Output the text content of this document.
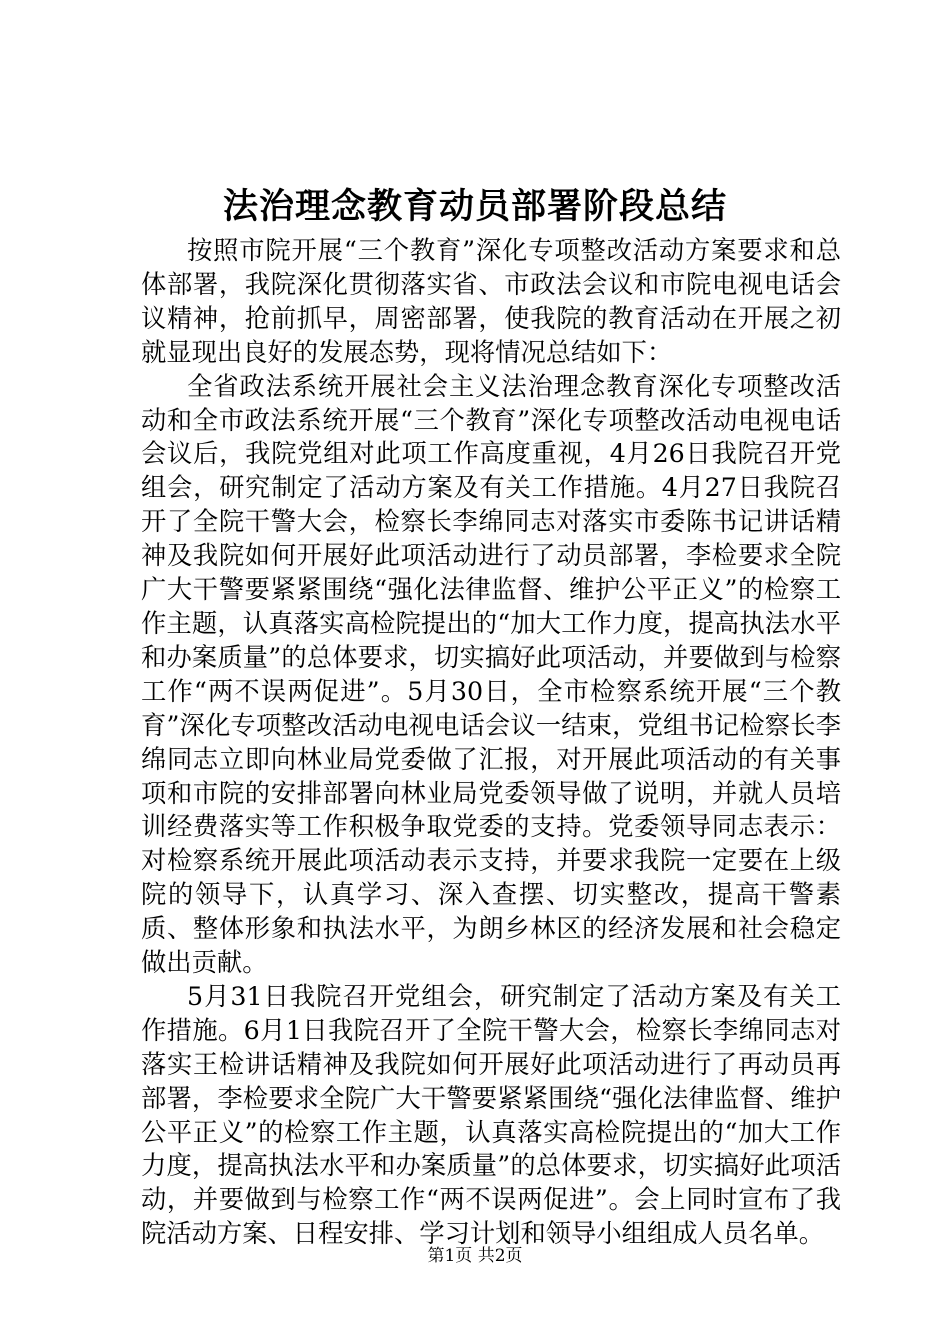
法治理念教育动员部署阶段总结

按照市院开展“三个教育”深化专项整改活动方案要求和总体部署，我院深化贯彻落实省、市政法会议和市院电视电话会议精神，抢前抓早，周密部署，使我院的教育活动在开展之初就显现出良好的发展态势，现将情况总结如下：

全省政法系统开展社会主义法治理念教育深化专项整改活动和全市政法系统开展“三个教育”深化专项整改活动电视电话会议后，我院党组对此项工作高度重视，4月26日我院召开党组会，研究制定了活动方案及有关工作措施。4月27日我院召开了全院干警大会，检察长李绵同志对落实市委陈书记讲话精神及我院如何开展好此项活动进行了动员部署，李检要求全院广大干警要紧紧围绕“强化法律监督、维护公平正义”的检察工作主题，认真落实高检院提出的“加大工作力度，提高执法水平和办案质量”的总体要求，切实搞好此项活动，并要做到与检察工作“两不误两促进”。5月30日，全市检察系统开展“三个教育”深化专项整改活动电视电话会议一结束，党组书记检察长李绵同志立即向林业局党委做了汇报，对开展此项活动的有关事项和市院的安排部署向林业局党委领导做了说明，并就人员培训经费落实等工作积极争取党委的支持。党委领导同志表示：对检察系统开展此项活动表示支持，并要求我院一定要在上级院的领导下，认真学习、深入查摆、切实整改，提高干警素质、整体形象和执法水平，为朗乡林区的经济发展和社会稳定做出贡献。

5月31日我院召开党组会，研究制定了活动方案及有关工作措施。6月1日我院召开了全院干警大会，检察长李绵同志对落实王检讲话精神及我院如何开展好此项活动进行了再动员再部署，李检要求全院广大干警要紧紧围绕“强化法律监督、维护公平正义”的检察工作主题，认真落实高检院提出的“加大工作力度，提高执法水平和办案质量”的总体要求，切实搞好此项活动，并要做到与检察工作“两不误两促进”。会上同时宣布了我院活动方案、日程安排、学习计划和领导小组组成人员名单。

第1页 共2页
